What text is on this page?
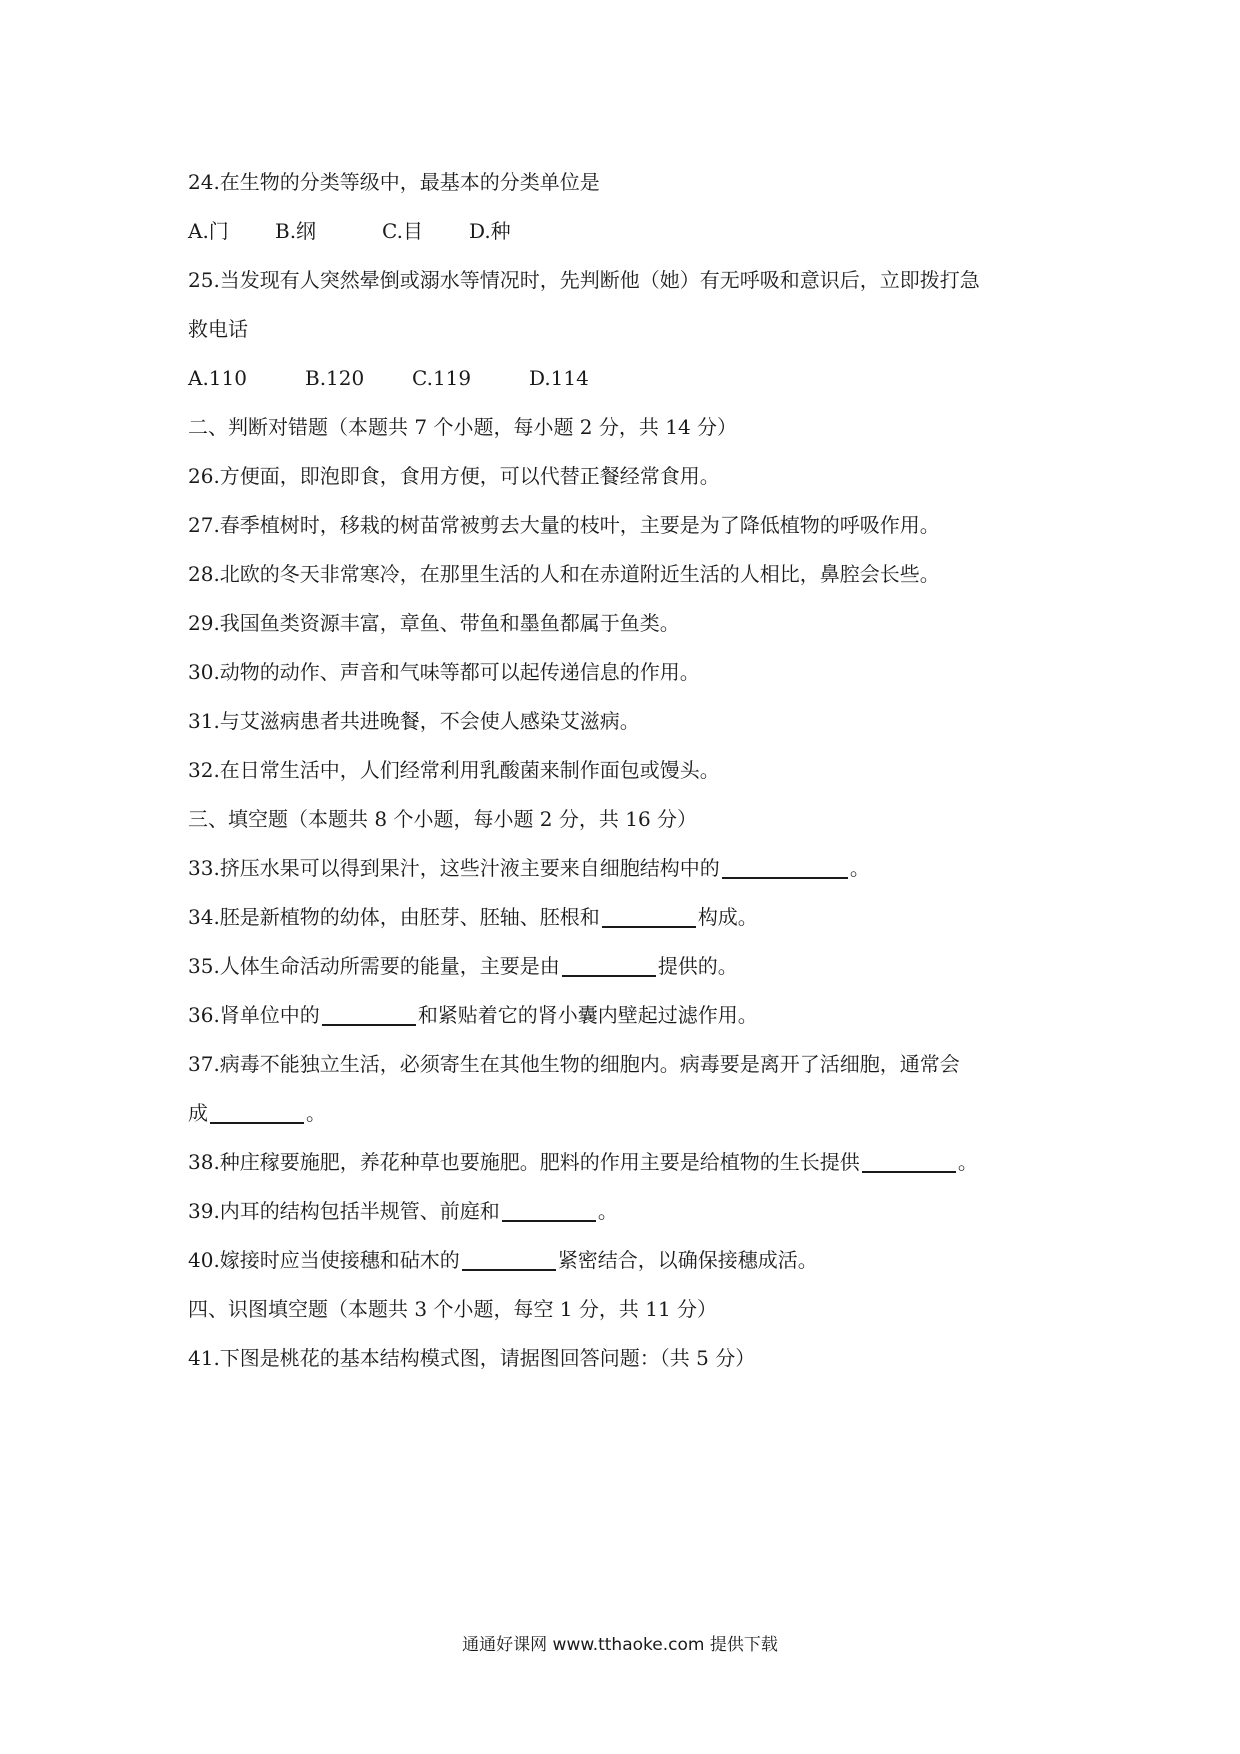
24.在生物的分类等级中，最基本的分类单位是
A.门 B.纲	C.目 D.种
25.当发现有人突然晕倒或溺水等情况时，先判断他（她）有无呼吸和意识后，立即拨打急
救电话
A.110	B.120 C.119	D.114
二、判断对错题（本题共 7 个小题，每小题 2 分，共 14 分）
26.方便面，即泡即食，食用方便，可以代替正餐经常食用。
27.春季植树时，移栽的树苗常被剪去大量的枝叶，主要是为了降低植物的呼吸作用。
28.北欧的冬天非常寒冷，在那里生活的人和在赤道附近生活的人相比，鼻腔会长些。
29.我国鱼类资源丰富，章鱼、带鱼和墨鱼都属于鱼类。
30.动物的动作、声音和气味等都可以起传递信息的作用。
31.与艾滋病患者共进晚餐，不会使人感染艾滋病。
32.在日常生活中，人们经常利用乳酸菌来制作面包或馒头。
三、填空题（本题共 8 个小题，每小题 2 分，共 16 分）
33.挤压水果可以得到果汁，这些汁液主要来自细胞结构中的	。
34.胚是新植物的幼体，由胚芽、胚轴、胚根和	构成。
35.人体生命活动所需要的能量，主要是由	提供的。
36.肾单位中的	和紧贴着它的肾小囊内壁起过滤作用。
37.病毒不能独立生活，必须寄生在其他生物的细胞内。病毒要是离开了活细胞，通常会
成	。
38.种庄稼要施肥，养花种草也要施肥。肥料的作用主要是给植物的生长提供	。
39.内耳的结构包括半规管、前庭和	。
40.嫁接时应当使接穗和砧木的	紧密结合，以确保接穗成活。
四、识图填空题（本题共 3 个小题，每空 1 分，共 11 分）
41.下图是桃花的基本结构模式图，请据图回答问题：（共 5 分）
通通好课网 www.tthaoke.com 提供下载
